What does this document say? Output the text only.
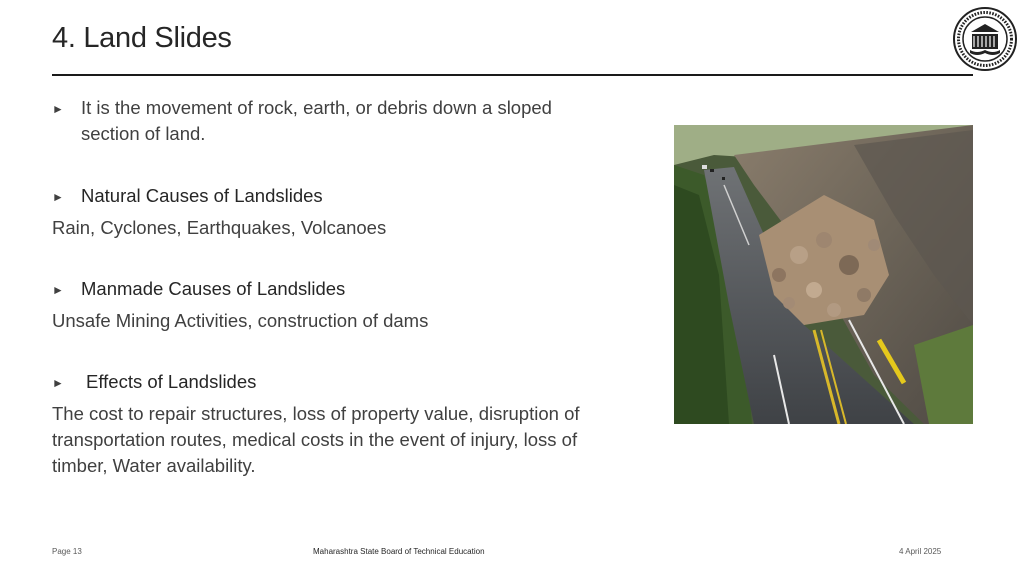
4. Land Slides
► It is the movement of rock, earth, or debris down a sloped section of land.
► Natural Causes of Landslides
Rain, Cyclones, Earthquakes, Volcanoes
► Manmade Causes of Landslides
Unsafe Mining Activities, construction of dams
►	Effects of Landslides
The cost to repair structures, loss of property value, disruption of transportation routes, medical costs in the event of injury, loss of timber, Water availability.
Page 13	Maharashtra State Board of Technical Education	4 April 2025
